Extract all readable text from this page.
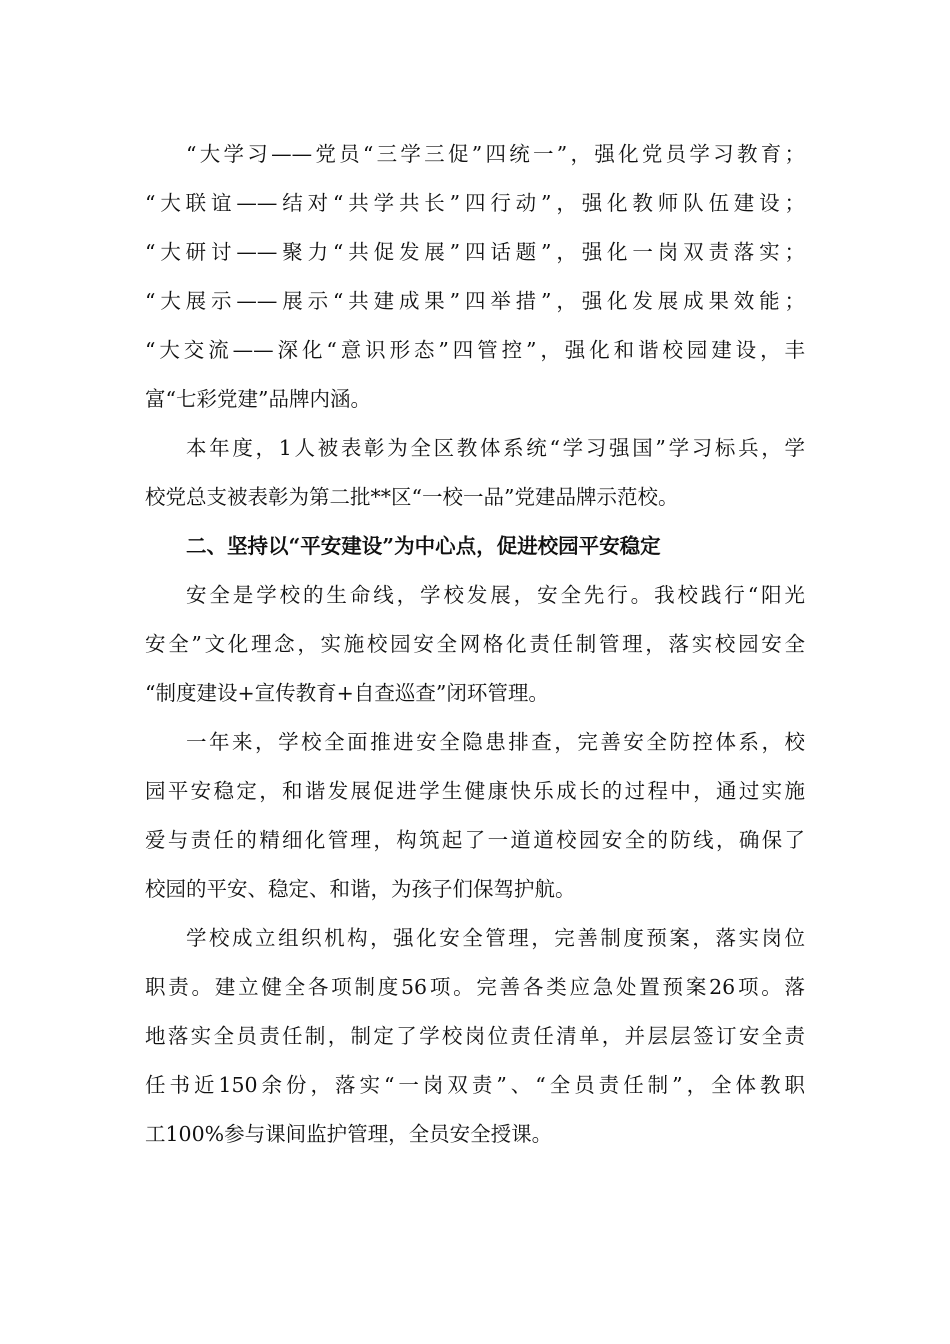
“大学习——党员“三学三促”四统一”，强化党员学习教育；
“大联谊——结对“共学共长”四行动”，强化教师队伍建设；
“大研讨——聚力“共促发展”四话题”，强化一岗双责落实；
“大展示——展示“共建成果”四举措”，强化发展成果效能；
“大交流——深化“意识形态”四管控”，强化和谐校园建设，丰
富“七彩党建”品牌内涵。
本年度，1人被表彰为全区教体系统“学习强国”学习标兵，学
校党总支被表彰为第二批**区“一校一品”党建品牌示范校。
二、坚持以“平安建设”为中心点，促进校园平安稳定
安全是学校的生命线，学校发展，安全先行。我校践行“阳光
安全”文化理念，实施校园安全网格化责任制管理，落实校园安全
“制度建设+宣传教育+自查巡查”闭环管理。
一年来，学校全面推进安全隐患排查，完善安全防控体系，校
园平安稳定，和谐发展促进学生健康快乐成长的过程中，通过实施
爱与责任的精细化管理，构筑起了一道道校园安全的防线，确保了
校园的平安、稳定、和谐，为孩子们保驾护航。
学校成立组织机构，强化安全管理，完善制度预案，落实岗位
职责。建立健全各项制度56项。完善各类应急处置预案26项。落
地落实全员责任制，制定了学校岗位责任清单，并层层签订安全责
任书近150余份，落实“一岗双责”、“全员责任制”，全体教职
工100%参与课间监护管理，全员安全授课。
